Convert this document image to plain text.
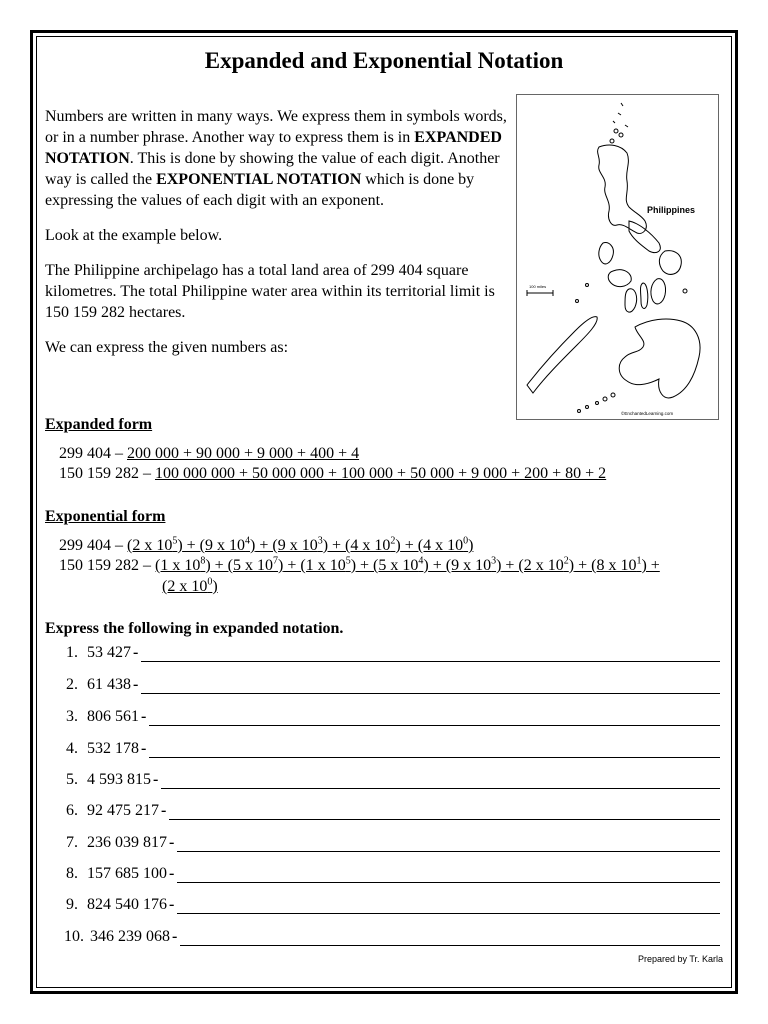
Expanded and Exponential Notation

Numbers are written in many ways. We express them in symbols words, or in a number phrase. Another way to express them is in EXPANDED NOTATION. This is done by showing the value of each digit. Another way is called the EXPONENTIAL NOTATION which is done by expressing the values of each digit with an exponent.

Look at the example below.

The Philippine archipelago has a total land area of 299 404 square kilometres. The total Philippine water area within its territorial limit is 150 159 282 hectares.

We can express the given numbers as:

Philippines
100 miles
©EnchantedLearning.com
Expanded form
299 404 – 200 000 + 90 000 + 9 000 + 400 + 4
150 159 282 – 100 000 000 + 50 000 000 + 100 000 + 50 000 + 9 000 + 200 + 80 + 2
Exponential form
299 404 – (2 x $10^5) + (9$ x $10^4) + (9$ x $10^3) + (4$ x $10^2) + (4$ x $10^0$)
150 159 282 – (1 x $10^8) + (5$ x $10^7) + (1$ x $10^5) + (5$ x $10^4) + (9$ x $10^3) + (2$ x $10^2) + (8$ x $10^1$) +
(2 x $10^0$)
Express the following in expanded notation.
1. 53 427 -
2. 61 438 -
3. 806 561 -
4. 532 178 -
5. 4 593 815 -
6. 92 475 217 -
7. 236 039 817 -
8. 157 685 100 -
9. 824 540 176 -
10. 346 239 068 -
Prepared by Tr. Karla
